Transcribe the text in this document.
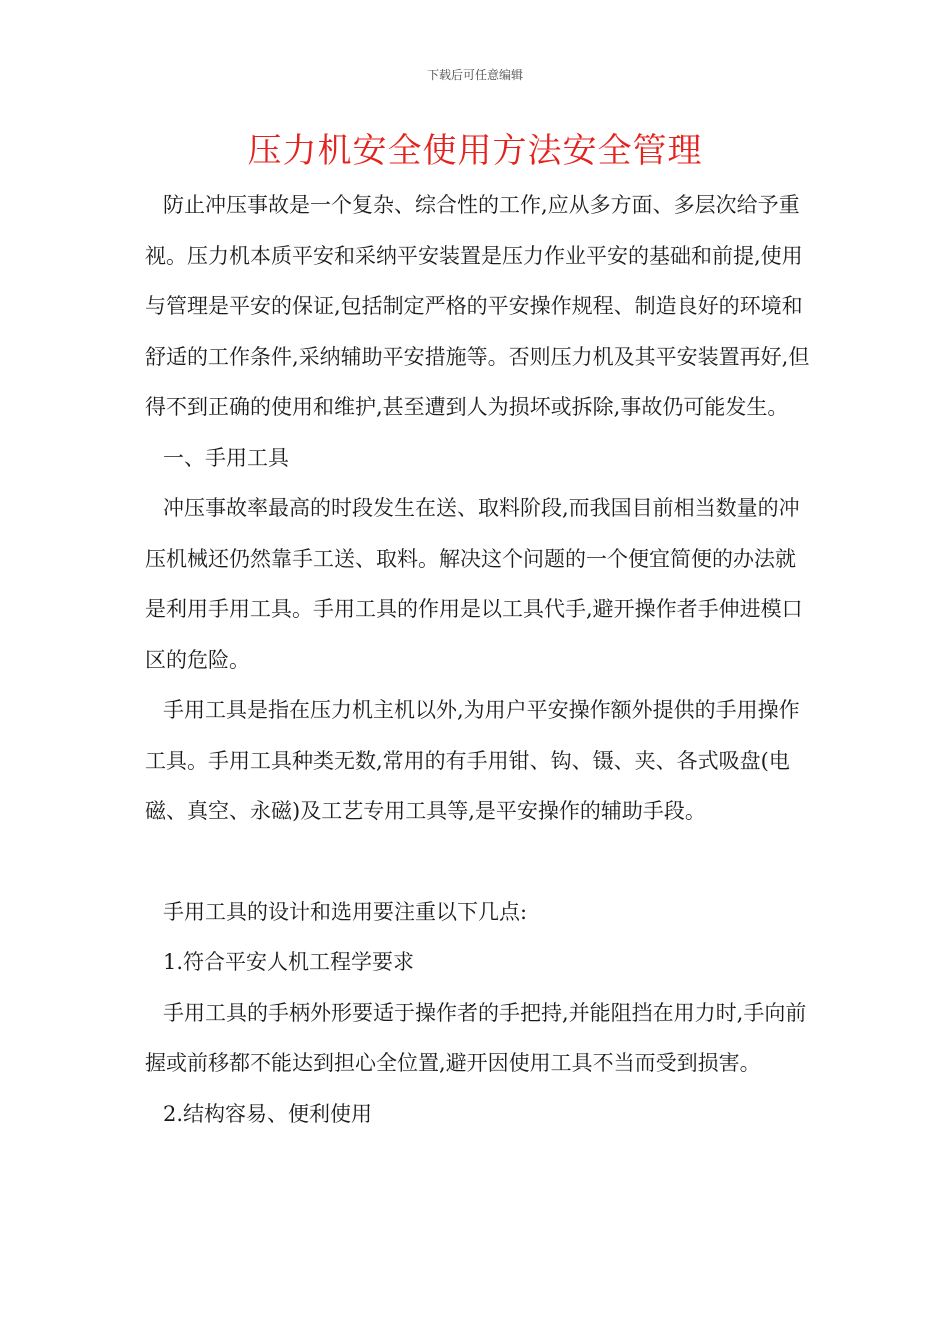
下载后可任意编辑
压力机安全使用方法安全管理

防止冲压事故是一个复杂、综合性的工作,应从多方面、多层次给予重视。压力机本质平安和采纳平安装置是压力作业平安的基础和前提,使用与管理是平安的保证,包括制定严格的平安操作规程、制造良好的环境和舒适的工作条件,采纳辅助平安措施等。否则压力机及其平安装置再好,但得不到正确的使用和维护,甚至遭到人为损坏或拆除,事故仍可能发生。

一、手用工具

冲压事故率最高的时段发生在送、取料阶段,而我国目前相当数量的冲压机械还仍然靠手工送、取料。解决这个问题的一个便宜简便的办法就是利用手用工具。手用工具的作用是以工具代手,避开操作者手伸进模口区的危险。

手用工具是指在压力机主机以外,为用户平安操作额外提供的手用操作工具。手用工具种类无数,常用的有手用钳、钩、镊、夹、各式吸盘(电磁、真空、永磁)及工艺专用工具等,是平安操作的辅助手段。

手用工具的设计和选用要注重以下几点:

1.符合平安人机工程学要求

手用工具的手柄外形要适于操作者的手把持,并能阻挡在用力时,手向前握或前移都不能达到担心全位置,避开因使用工具不当而受到损害。

2.结构容易、便利使用
